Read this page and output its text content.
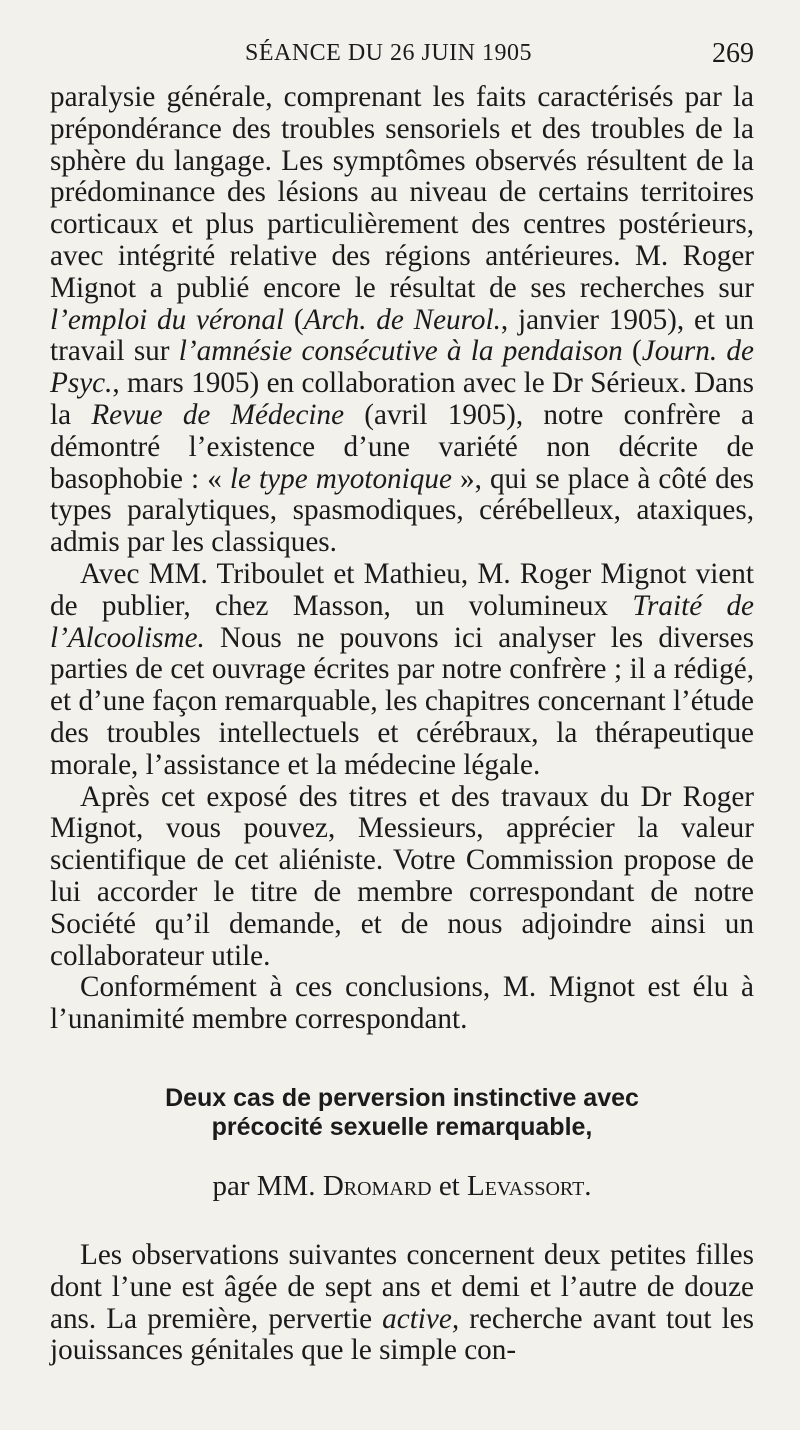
SÉANCE DU 26 JUIN 1905	269

paralysie générale, comprenant les faits caractérisés par la prépondérance des troubles sensoriels et des troubles de la sphère du langage. Les symptômes observés résultent de la prédominance des lésions au niveau de certains territoires corticaux et plus particulièrement des centres postérieurs, avec intégrité relative des régions antérieures. M. Roger Mignot a publié encore le résultat de ses recherches sur l’emploi du véronal (Arch. de Neurol., janvier 1905), et un travail sur l’amnésie consécutive à la pendaison (Journ. de Psyc., mars 1905) en collaboration avec le Dr Sérieux. Dans la Revue de Médecine (avril 1905), notre confrère a démontré l’existence d’une variété non décrite de basophobie : « le type myotonique », qui se place à côté des types paralytiques, spasmodiques, cérébelleux, ataxiques, admis par les classiques.

Avec MM. Triboulet et Mathieu, M. Roger Mignot vient de publier, chez Masson, un volumineux Traité de l’Alcoolisme. Nous ne pouvons ici analyser les diverses parties de cet ouvrage écrites par notre confrère ; il a rédigé, et d’une façon remarquable, les chapitres concernant l’étude des troubles intellectuels et cérébraux, la thérapeutique morale, l’assistance et la médecine légale.

Après cet exposé des titres et des travaux du Dr Roger Mignot, vous pouvez, Messieurs, apprécier la valeur scientifique de cet aliéniste. Votre Commission propose de lui accorder le titre de membre correspondant de notre Société qu’il demande, et de nous adjoindre ainsi un collaborateur utile.

Conformément à ces conclusions, M. Mignot est élu à l’unanimité membre correspondant.

Deux cas de perversion instinctive avec
précocité sexuelle remarquable,
par MM. Dromard et Levassort.

Les observations suivantes concernent deux petites filles dont l’une est âgée de sept ans et demi et l’autre de douze ans. La première, pervertie active, recherche avant tout les jouissances génitales que le simple con-
